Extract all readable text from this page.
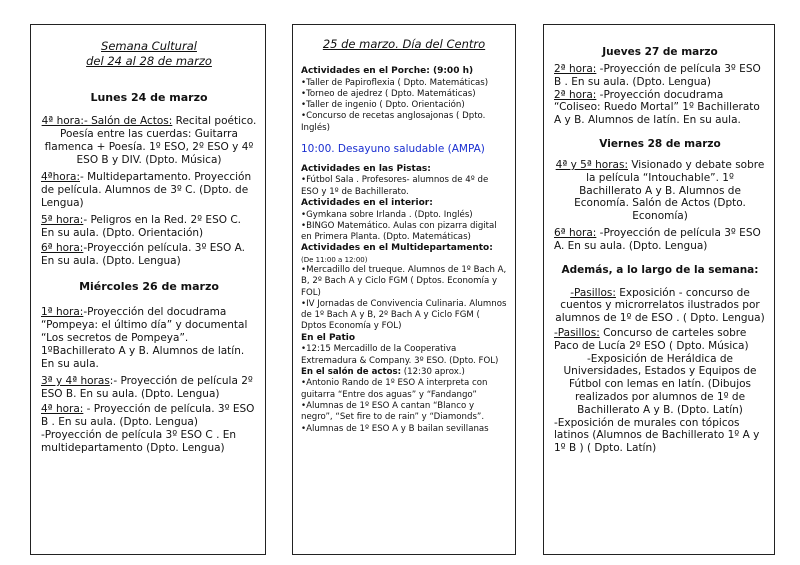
Semana Cultural

del 24 al 28 de marzo

Lunes 24 de marzo

4ª hora:- Salón de Actos: Recital poético. Poesía entre las cuerdas: Guitarra flamenca + Poesía. 1º ESO, 2º ESO y 4º ESO B y DIV. (Dpto. Música)

4ªhora:- Multidepartamento. Proyección de película. Alumnos de 3º C. (Dpto. de Lengua)

5ª hora:- Peligros en la Red. 2º ESO C. En su aula. (Dpto. Orientación)

6ª hora:-Proyección película. 3º ESO A. En su aula. (Dpto. Lengua)

Miércoles 26 de marzo

1ª hora:-Proyección del docudrama “Pompeya: el último día” y documental “Los secretos de Pompeya”. 1ºBachillerato A y B. Alumnos de latín. En su aula.

3ª y 4ª horas:- Proyección de película 2º ESO B. En su aula. (Dpto. Lengua)

4ª hora: - Proyección de película. 3º ESO B . En su aula. (Dpto. Lengua)

-Proyección de película 3º ESO C . En multidepartamento (Dpto. Lengua)

25 de marzo. Día del Centro

Actividades en el Porche: (9:00 h)

•Taller de Papiroflexia ( Dpto. Matemáticas)
•Torneo de ajedrez ( Dpto. Matemáticas)
•Taller de ingenio ( Dpto. Orientación)
•Concurso de recetas anglosajonas ( Dpto. Inglés)

10:00. Desayuno saludable (AMPA)

Actividades en las Pistas:

•Fútbol Sala . Profesores- alumnos de 4º de ESO y 1º de Bachillerato.

Actividades en el interior:

•Gymkana sobre Irlanda . (Dpto. Inglés)
•BINGO Matemático. Aulas con pizarra digital en Primera Planta. (Dpto. Matemáticas)

Actividades en el Multidepartamento:

(De 11:00 a 12:00)

•Mercadillo del trueque. Alumnos de 1º Bach A, B, 2º Bach A y Ciclo FGM ( Dptos. Economía y FOL)
•IV Jornadas de Convivencia Culinaria. Alumnos de 1º Bach A y B, 2º Bach A y Ciclo FGM ( Dptos Economía y FOL)

En el Patio

•12:15 Mercadillo de la Cooperativa Extremadura & Company. 3º ESO. (Dpto. FOL)

En el salón de actos: (12:30 aprox.)

•Antonio Rando de 1º ESO A interpreta con guitarra “Entre dos aguas” y “Fandango”
•Alumnas de 1º ESO A cantan “Blanco y negro”, “Set fire to de rain” y “Diamonds”.
•Alumnas de 1º ESO A y B bailan sevillanas

Jueves 27 de marzo

2ª hora: -Proyección de película 3º ESO B . En su aula. (Dpto. Lengua)

2ª hora: -Proyección docudrama “Coliseo: Ruedo Mortal” 1º Bachillerato A y B. Alumnos de latín. En su aula.

Viernes 28 de marzo

4ª y 5ª horas: Visionado y debate sobre la película “Intouchable”. 1º Bachillerato A y B. Alumnos de Economía. Salón de Actos (Dpto. Economía)

6ª hora: -Proyección de película 3º ESO A. En su aula. (Dpto. Lengua)

Además, a lo largo de la semana:

-Pasillos: Exposición - concurso de cuentos y microrrelatos ilustrados por alumnos de 1º de ESO . ( Dpto. Lengua)

-Pasillos: Concurso de carteles sobre Paco de Lucía 2º ESO ( Dpto. Música)

-Exposición de Heráldica de Universidades, Estados y Equipos de Fútbol con lemas en latín. (Dibujos realizados por alumnos de 1º de Bachillerato A y B. (Dpto. Latín)

-Exposición de murales con tópicos latinos (Alumnos de Bachillerato 1º A y 1º B ) ( Dpto. Latín)
